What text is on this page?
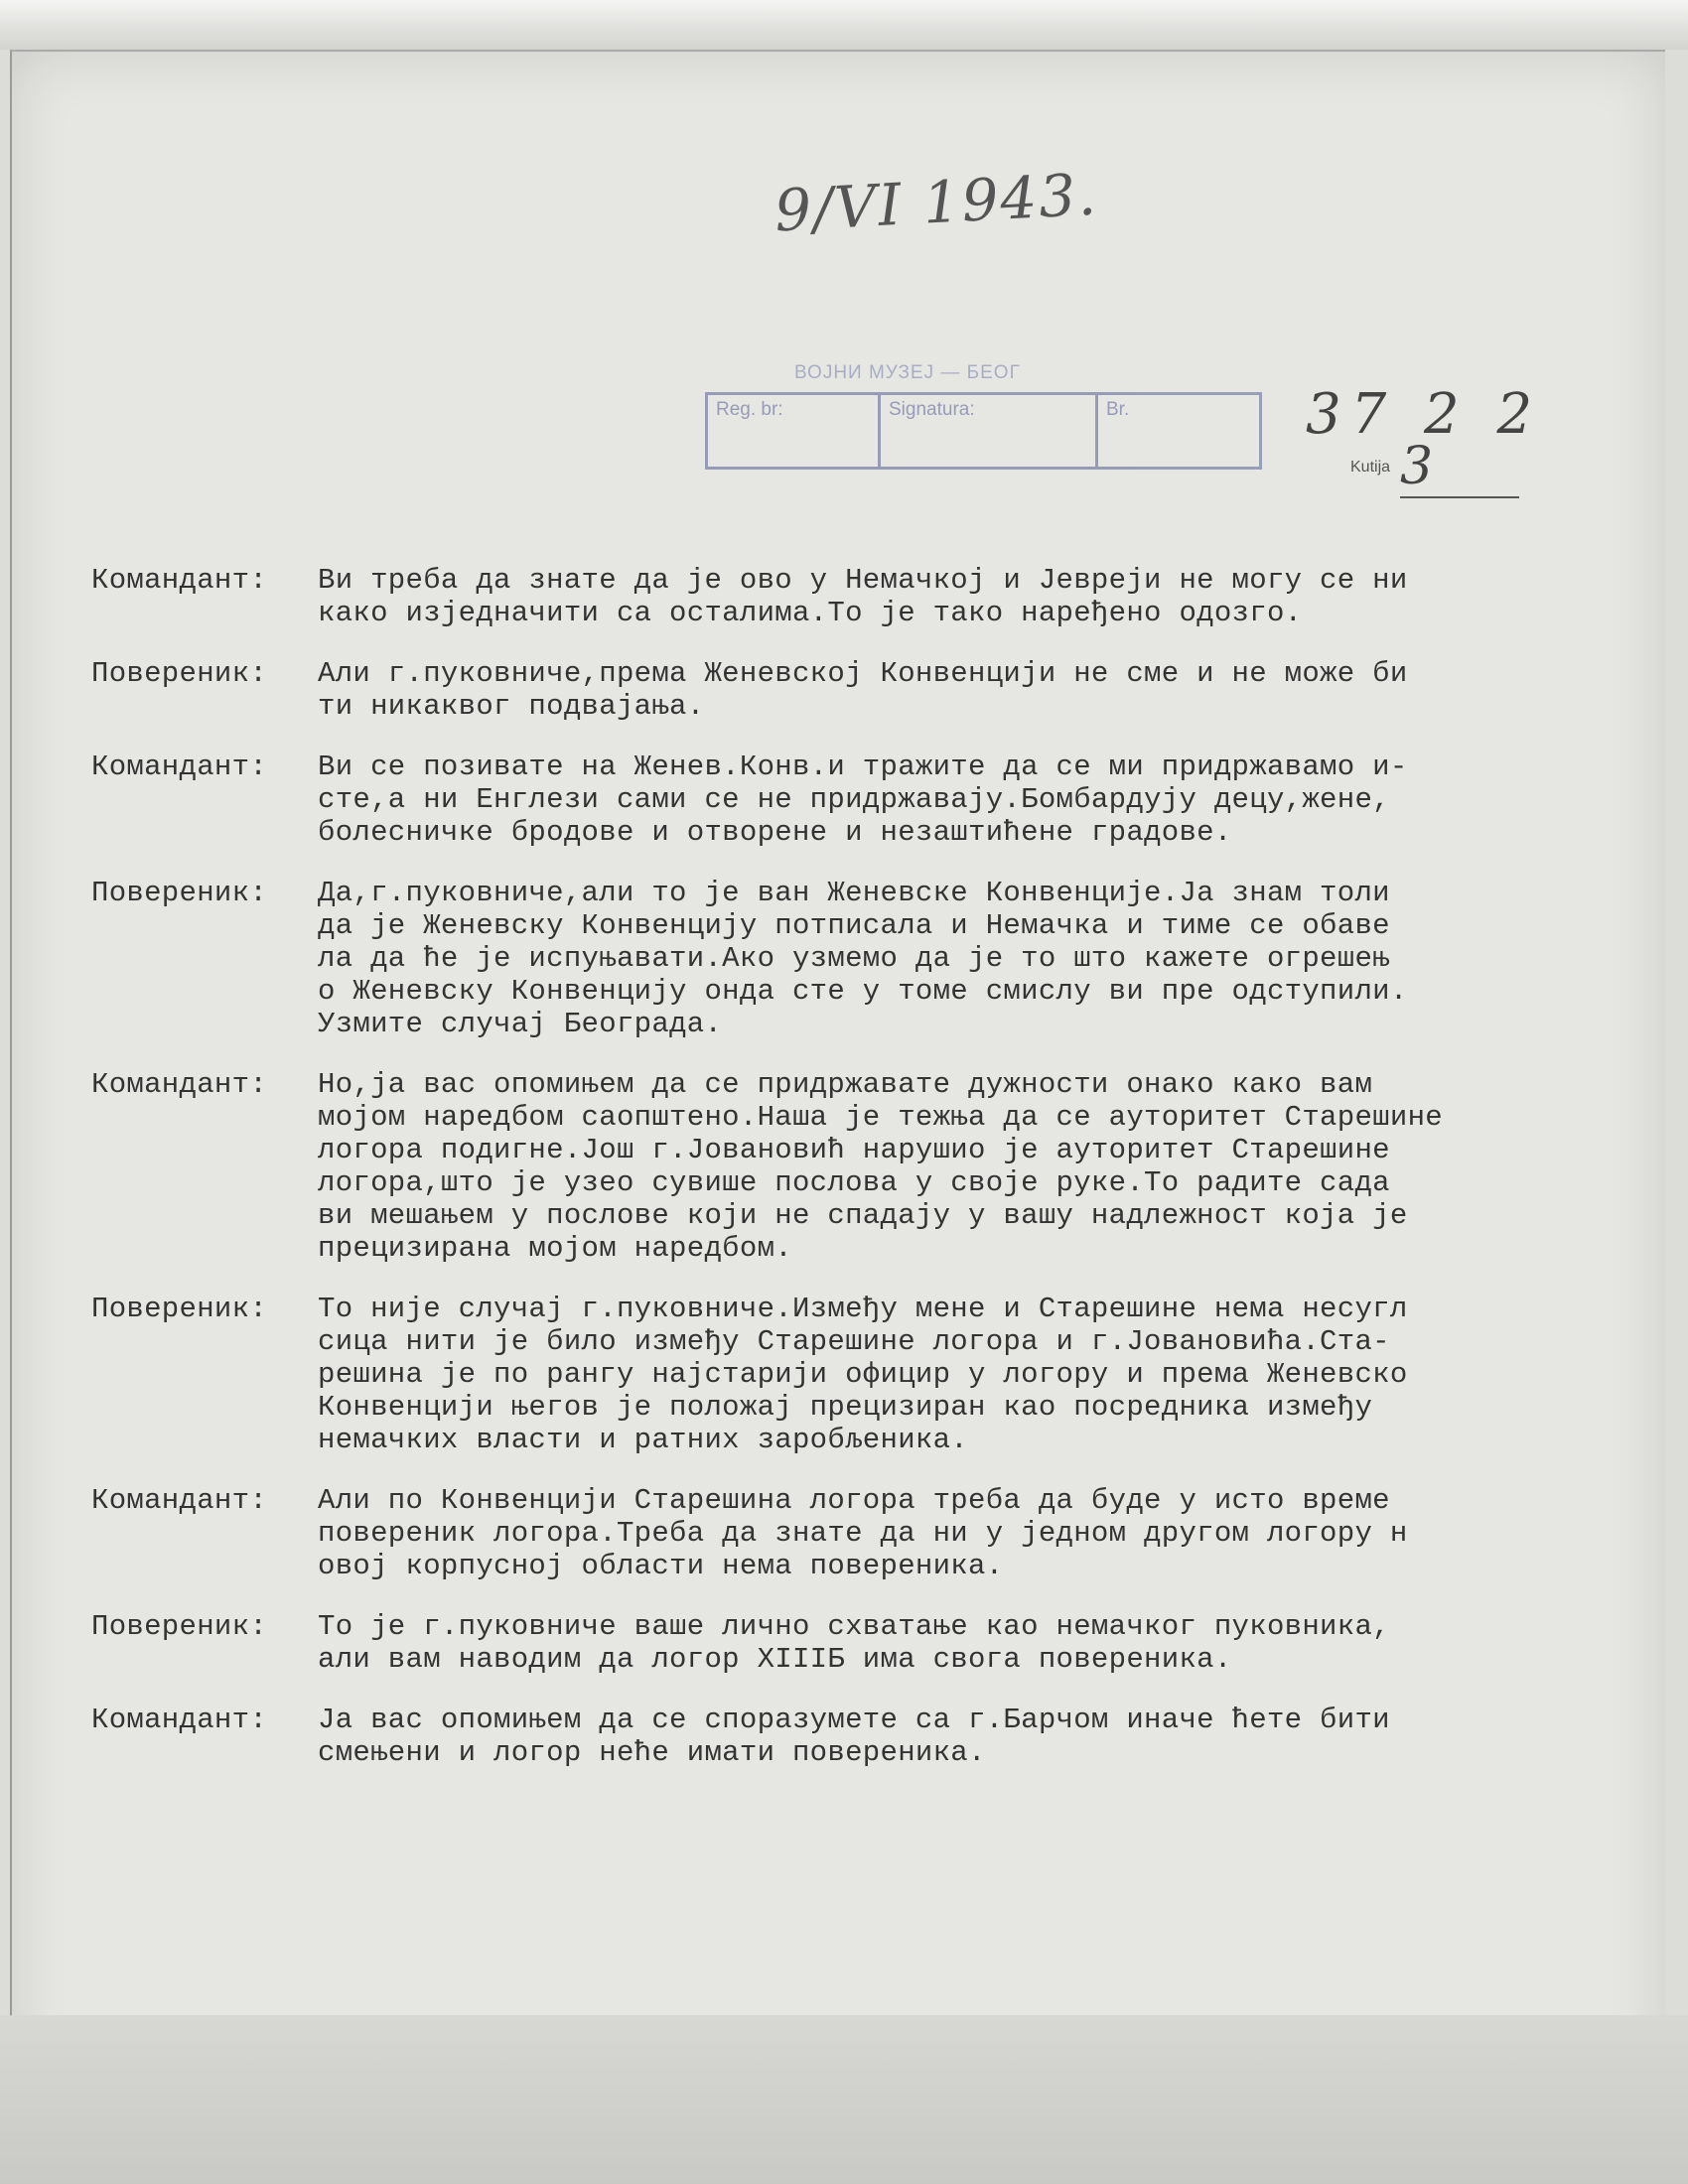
9/VI 1943.
ВОЈНИ МУЗЕЈ — БЕОГ
Reg. br:	Signatura:	Br.	37 2 2
Kutija 3
Командант:	Ви треба да знате да је ово у Немачкој и Јевреји не могу се ни
како изједначити са осталима.То је тако наређено одозго.
Повереник:	Али г.пуковниче,према Женевској Конвенцији не сме и не може би
ти никаквог подвајања.
Командант:	Ви се позивате на Женев.Конв.и тражите да се ми придржавамо и-
сте,а ни Енглези сами се не придржавају.Бомбардују децу,жене,
болесничке бродове и отворене и незаштићене градове.
Повереник:	Да,г.пуковниче,али то је ван Женевске Конвенције.Ја знам толи
да је Женевску Конвенцију потписала и Немачка и тиме се обаве
ла да ће је испуњавати.Ако узмемо да је то што кажете огрешењ
о Женевску Конвенцију онда сте у томе смислу ви пре одступили.
Узмите случај Београда.
Командант:	Но,ја вас опомињем да се придржавате дужности онако како вам
мојом наредбом саопштено.Наша је тежња да се ауторитет Старешине
логора подигне.Још г.Јовановић нарушио је ауторитет Старешине
логора,што је узео сувише послова у своје руке.То радите сада
ви мешањем у послове који не спадају у вашу надлежност која је
прецизирана мојом наредбом.
Повереник:	То није случај г.пуковниче.Између мене и Старешине нема несугл
сица нити је било између Старешине логора и г.Јовановића.Ста-
решина је по рангу најстарији официр у логору и према Женевско
Конвенцији његов је положај прецизиран као посредника између
немачких власти и ратних заробљеника.
Командант:	Али по Конвенцији Старешина логора треба да буде у исто време
повереник логора.Треба да знате да ни у једном другом логору н
овој корпусној области нема повереника.
Повереник:	То је г.пуковниче ваше лично схватање као немачког пуковника,
али вам наводим да логор XIIIБ има свога повереника.
Командант:	Ја вас опомињем да се споразумете са г.Барчом иначе ћете бити
смењени и логор неће имати повереника.
